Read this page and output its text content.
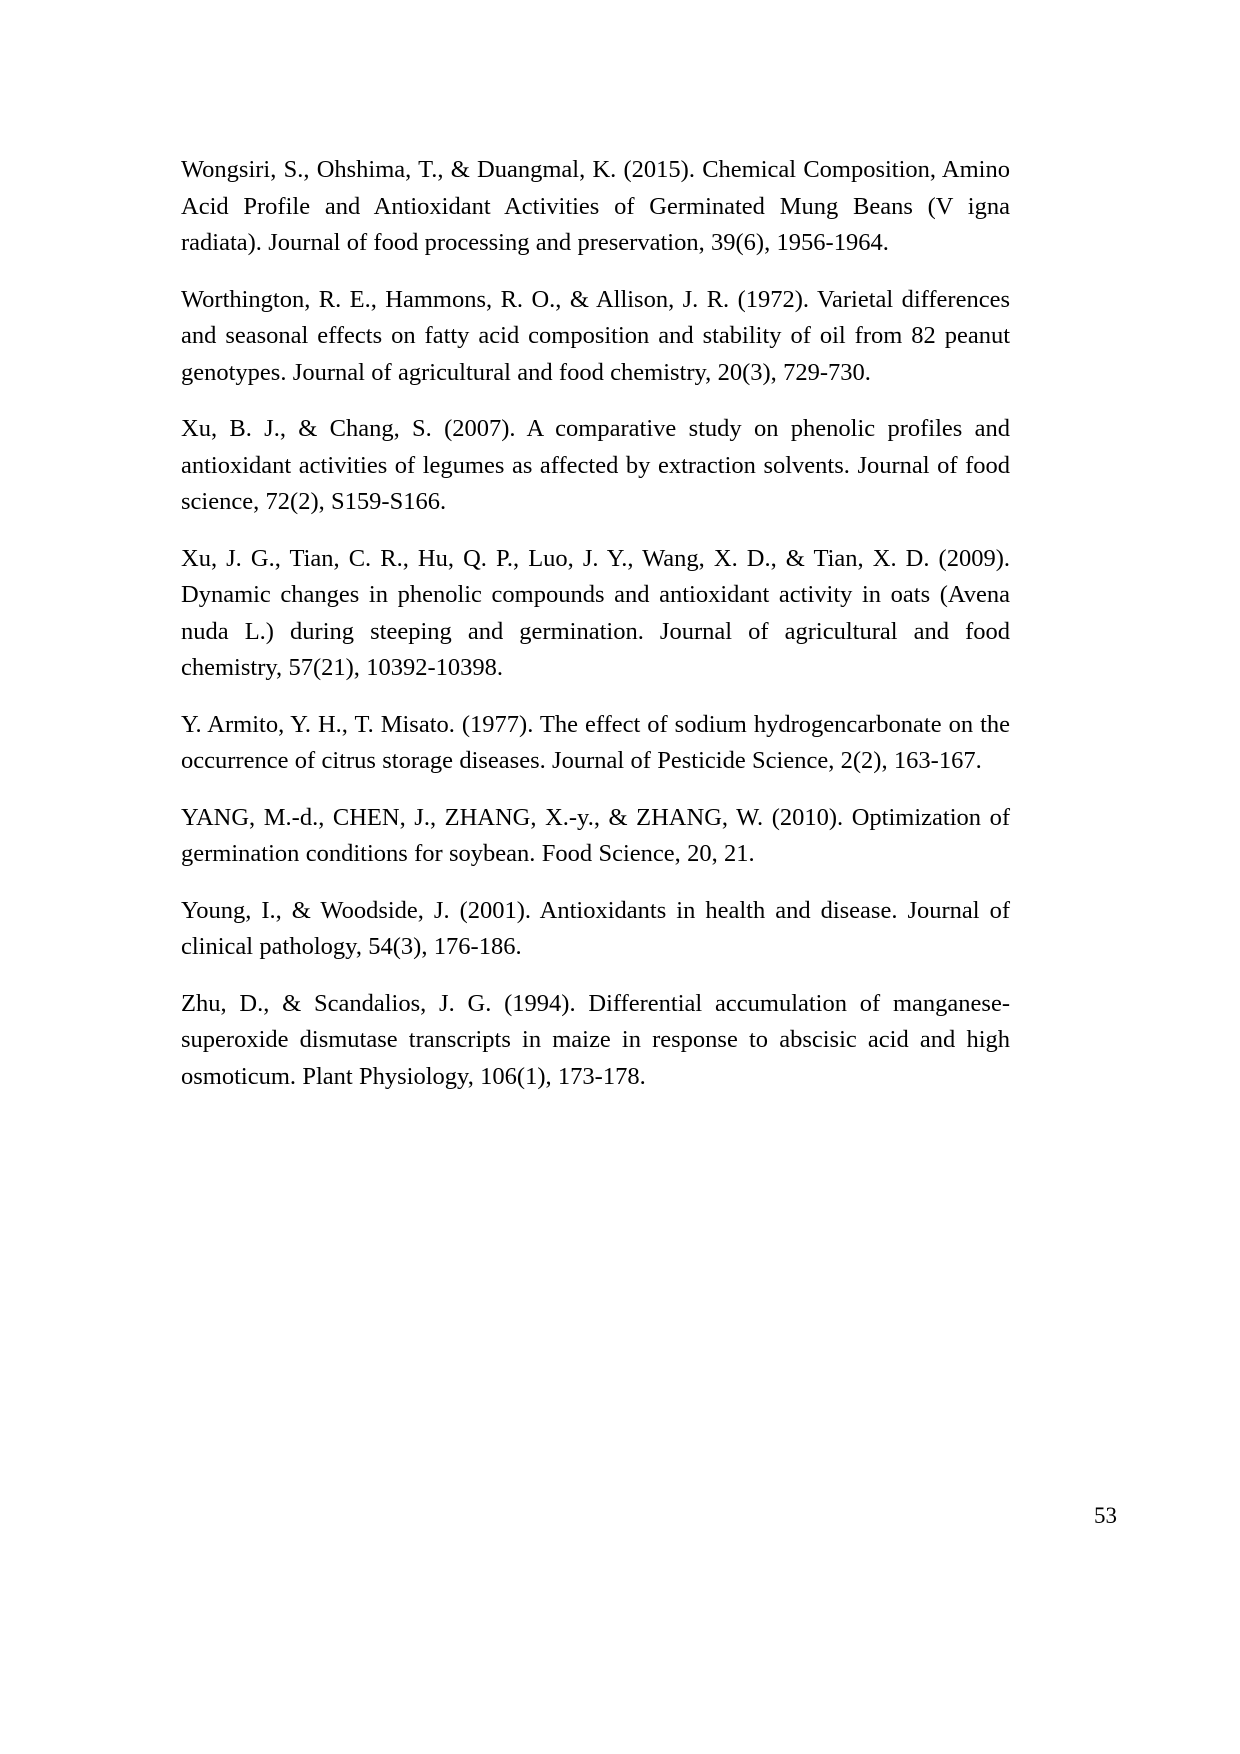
Wongsiri, S., Ohshima, T., & Duangmal, K. (2015). Chemical Composition, Amino Acid Profile and Antioxidant Activities of Germinated Mung Beans (V igna radiata). Journal of food processing and preservation, 39(6), 1956-1964.

Worthington, R. E., Hammons, R. O., & Allison, J. R. (1972). Varietal differences and seasonal effects on fatty acid composition and stability of oil from 82 peanut genotypes. Journal of agricultural and food chemistry, 20(3), 729-730.

Xu, B. J., & Chang, S. (2007). A comparative study on phenolic profiles and antioxidant activities of legumes as affected by extraction solvents. Journal of food science, 72(2), S159-S166.

Xu, J. G., Tian, C. R., Hu, Q. P., Luo, J. Y., Wang, X. D., & Tian, X. D. (2009). Dynamic changes in phenolic compounds and antioxidant activity in oats (Avena nuda L.) during steeping and germination. Journal of agricultural and food chemistry, 57(21), 10392-10398.

Y. Armito, Y. H., T. Misato. (1977). The effect of sodium hydrogencarbonate on the occurrence of citrus storage diseases. Journal of Pesticide Science, 2(2), 163-167.

YANG, M.-d., CHEN, J., ZHANG, X.-y., & ZHANG, W. (2010). Optimization of germination conditions for soybean. Food Science, 20, 21.

Young, I., & Woodside, J. (2001). Antioxidants in health and disease. Journal of clinical pathology, 54(3), 176-186.

Zhu, D., & Scandalios, J. G. (1994). Differential accumulation of manganese-superoxide dismutase transcripts in maize in response to abscisic acid and high osmoticum. Plant Physiology, 106(1), 173-178.

53
